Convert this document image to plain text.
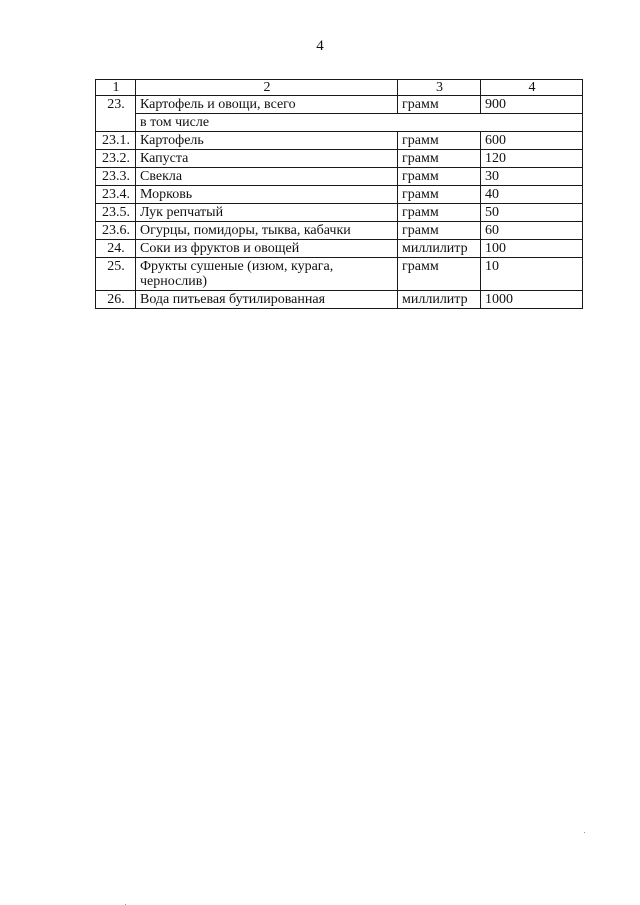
4
1	2	3	4
23.	Картофель и овощи, всего	грамм	900
	в том числе		
23.1.	Картофель	грамм	600
23.2.	Капуста	грамм	120
23.3.	Свекла	грамм	30
23.4.	Морковь	грамм	40
23.5.	Лук репчатый	грамм	50
23.6.	Огурцы, помидоры, тыква, кабачки	грамм	60
24.	Соки из фруктов и овощей	миллилитр	100
25.	Фрукты сушеные (изюм, курага, чернослив)	грамм	10
26.	Вода питьевая бутилированная	миллилитр	1000
